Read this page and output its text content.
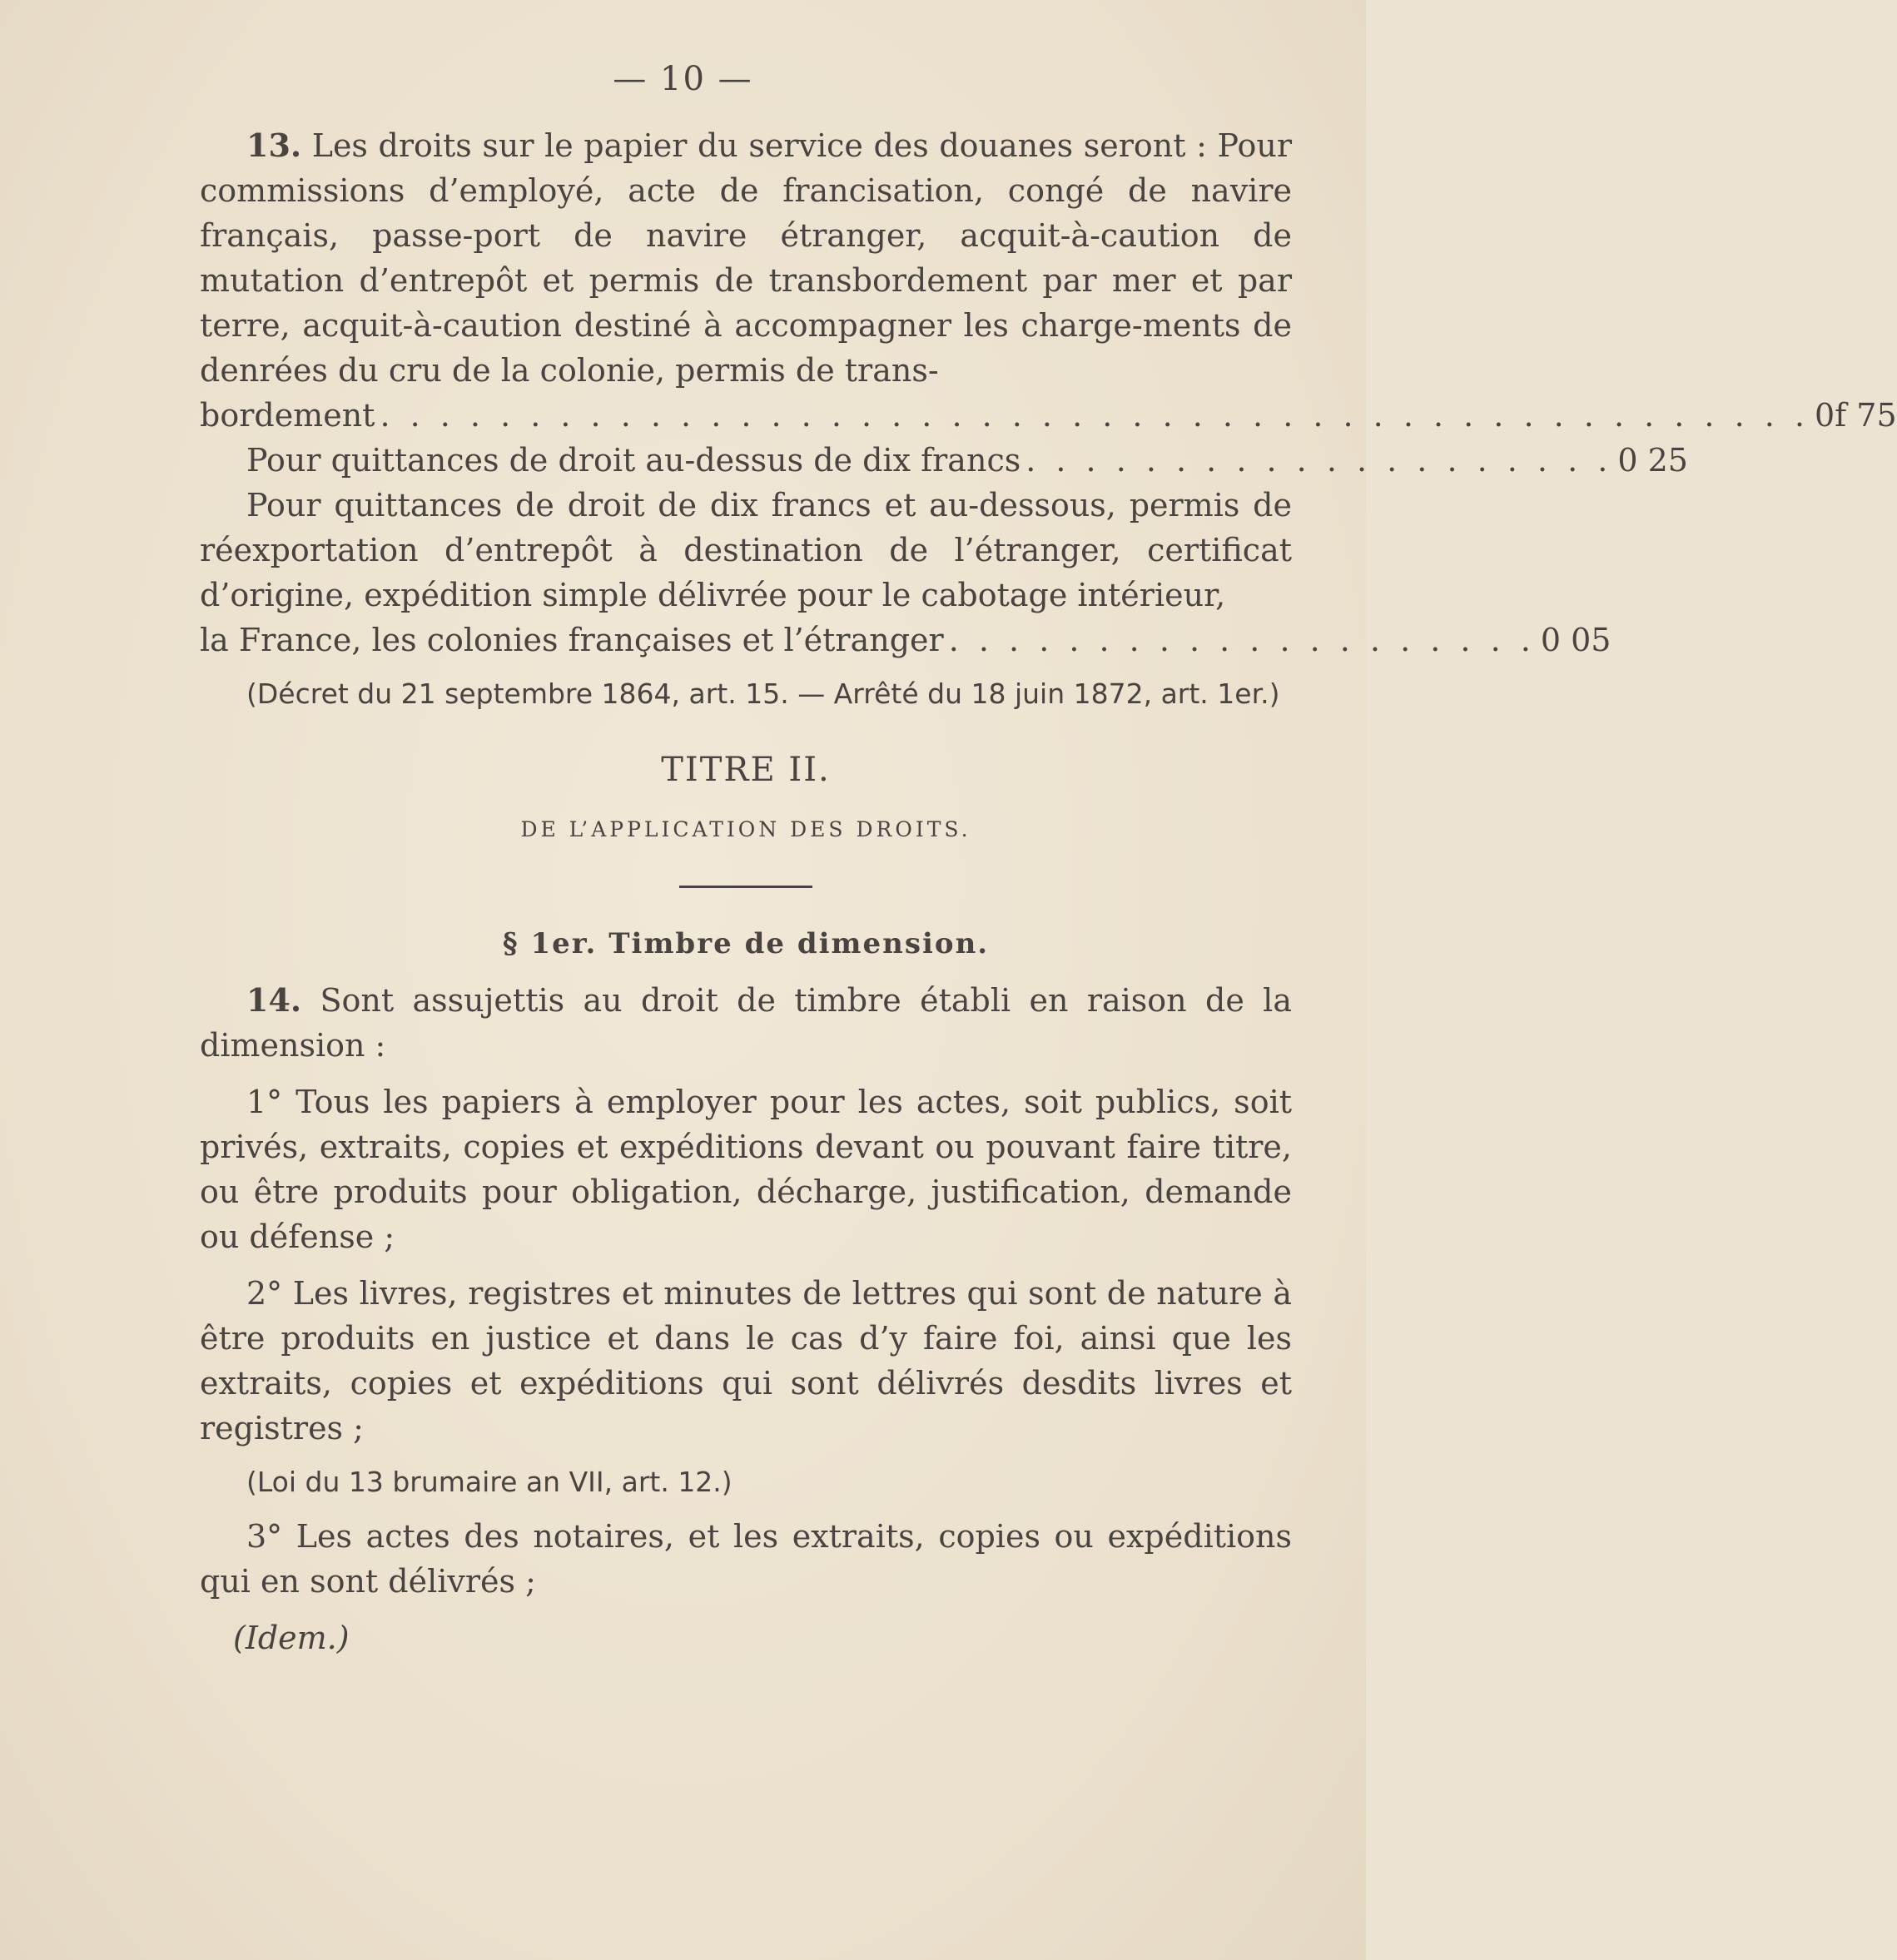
— 10 —

13. Les droits sur le papier du service des douanes seront : Pour commissions d’employé, acte de francisation, congé de navire français, passe-port de navire étranger, acquit-à-caution de mutation d’entrepôt et permis de transbordement par mer et par terre, acquit-à-caution destiné à accompagner les charge-ments de denrées du cru de la colonie, permis de trans-

bordement . . . . . . . . . . . . . . . . . . . . . . . . . . . . . . . . . . . . . . . . . . . . . . . . 0f 75
Pour quittances de droit au-dessus de dix francs . . . . . . . . . . . . . . . . . . . . 0 25

Pour quittances de droit de dix francs et au-dessous, permis de réexportation d’entrepôt à destination de l’étranger, certificat d’origine, expédition simple délivrée pour le cabotage intérieur,

la France, les colonies françaises et l’étranger . . . . . . . . . . . . . . . . . . . . 0 05

(Décret du 21 septembre 1864, art. 15. — Arrêté du 18 juin 1872, art. 1er.)

TITRE II.
DE L’APPLICATION DES DROITS.
§ 1er. Timbre de dimension.

14. Sont assujettis au droit de timbre établi en raison de la dimension :

1° Tous les papiers à employer pour les actes, soit publics, soit privés, extraits, copies et expéditions devant ou pouvant faire titre, ou être produits pour obligation, décharge, justification, demande ou défense ;

2° Les livres, registres et minutes de lettres qui sont de nature à être produits en justice et dans le cas d’y faire foi, ainsi que les extraits, copies et expéditions qui sont délivrés desdits livres et registres ;

(Loi du 13 brumaire an VII, art. 12.)

3° Les actes des notaires, et les extraits, copies ou expéditions qui en sont délivrés ;

(Idem.)
